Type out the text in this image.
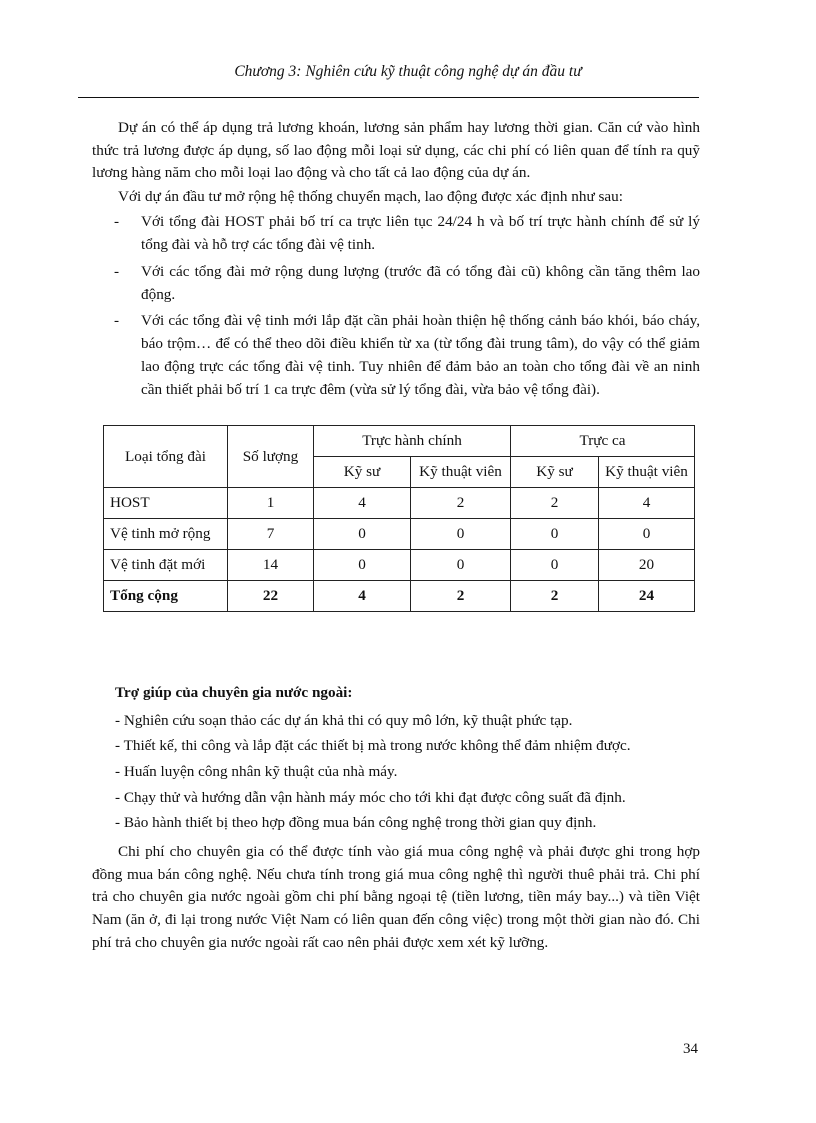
Chương 3: Nghiên cứu kỹ thuật công nghệ dự án đầu tư

Dự án có thể áp dụng trả lương khoán, lương sản phẩm hay lương thời gian. Căn cứ vào hình thức trả lương được áp dụng, số lao động mỗi loại sử dụng, các chi phí có liên quan để tính ra quỹ lương hàng năm cho mỗi loại lao động và cho tất cả lao động của dự án.

Với dự án đầu tư mở rộng hệ thống chuyển mạch, lao động được xác định như sau:

- Với tổng đài HOST phải bố trí ca trực liên tục 24/24 h và bố trí trực hành chính để sử lý tổng đài và hỗ trợ các tổng đài vệ tinh.
- Với các tổng đài mở rộng dung lượng (trước đã có tổng đài cũ) không cần tăng thêm lao động.
- Với các tổng đài vệ tinh mới lắp đặt cần phải hoàn thiện hệ thống cảnh báo khói, báo cháy, báo trộm… để có thể theo dõi điều khiển từ xa (từ tổng đài trung tâm), do vậy có thể giảm lao động trực các tổng đài vệ tinh. Tuy nhiên để đảm bảo an toàn cho tổng đài về an ninh cần thiết phải bố trí 1 ca trực đêm (vừa sử lý tổng đài, vừa bảo vệ tổng đài).
Loại tổng đài	Số lượng	Trực hành chính		Trực ca	
		Kỹ sư	Kỹ thuật viên	Kỹ sư	Kỹ thuật viên
HOST	1	4	2	2	4
Vệ tinh mở rộng	7	0	0	0	0
Vệ tinh đặt mới	14	0	0	0	20
Tổng cộng	22	4	2	2	24
Trợ giúp của chuyên gia nước ngoài:
- Nghiên cứu soạn thảo các dự án khả thi có quy mô lớn, kỹ thuật phức tạp.
- Thiết kế, thi công và lắp đặt các thiết bị mà trong nước không thể đảm nhiệm được.
- Huấn luyện công nhân kỹ thuật của nhà máy.
- Chạy thử và hướng dẫn vận hành máy móc cho tới khi đạt được công suất đã định.
- Bảo hành thiết bị theo hợp đồng mua bán công nghệ trong thời gian quy định.

Chi phí cho chuyên gia có thể được tính vào giá mua công nghệ và phải được ghi trong hợp đồng mua bán công nghệ. Nếu chưa tính trong giá mua công nghệ thì người thuê phải trả. Chi phí trả cho chuyên gia nước ngoài gồm chi phí bằng ngoại tệ (tiền lương, tiền máy bay...) và tiền Việt Nam (ăn ở, đi lại trong nước Việt Nam có liên quan đến công việc) trong một thời gian nào đó. Chi phí trả cho chuyên gia nước ngoài rất cao nên phải được xem xét kỹ lưỡng.

34
